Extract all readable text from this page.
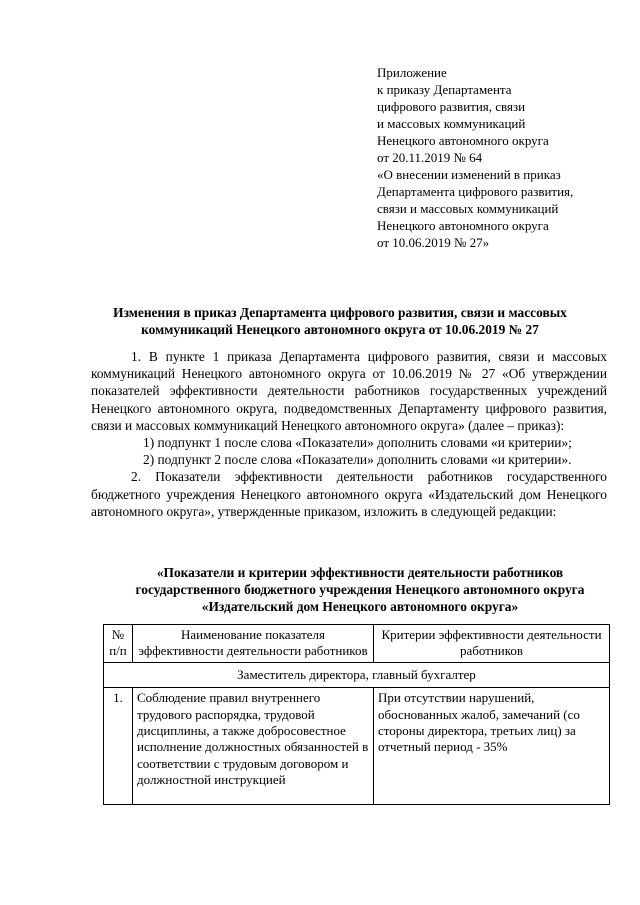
Приложение
к приказу Департамента
цифрового развития, связи
и массовых коммуникаций
Ненецкого автономного округа
от 20.11.2019 № 64
«О внесении изменений в приказ
Департамента цифрового развития,
связи и массовых коммуникаций
Ненецкого автономного округа
от 10.06.2019 № 27»
Изменения в приказ Департамента цифрового развития, связи и массовых
коммуникаций Ненецкого автономного округа от 10.06.2019 № 27

1. В пункте 1 приказа Департамента цифрового развития, связи и массовых коммуникаций Ненецкого автономного округа от 10.06.2019 № 27 «Об утверждении показателей эффективности деятельности работников государственных учреждений Ненецкого автономного округа, подведомственных Департаменту цифрового развития, связи и массовых коммуникаций Ненецкого автономного округа» (далее – приказ):

1) подпункт 1 после слова «Показатели» дополнить словами «и критерии»;

2) подпункт 2 после слова «Показатели» дополнить словами «и критерии».

2. Показатели эффективности деятельности работников государственного бюджетного учреждения Ненецкого автономного округа «Издательский дом Ненецкого автономного округа», утвержденные приказом, изложить в следующей редакции:

«Показатели и критерии эффективности деятельности работников
государственного бюджетного учреждения Ненецкого автономного округа
«Издательский дом Ненецкого автономного округа»
№ п/п	Наименование показателя эффективности деятельности работников	Критерии эффективности деятельности работников
Заместитель директора, главный бухгалтер		
1.	Соблюдение правил внутреннего трудового распорядка, трудовой дисциплины, а также добросовестное исполнение должностных обязанностей в соответствии с трудовым договором и должностной инструкцией	При отсутствии нарушений, обоснованных жалоб, замечаний (со стороны директора, третьих лиц) за отчетный период - 35%
